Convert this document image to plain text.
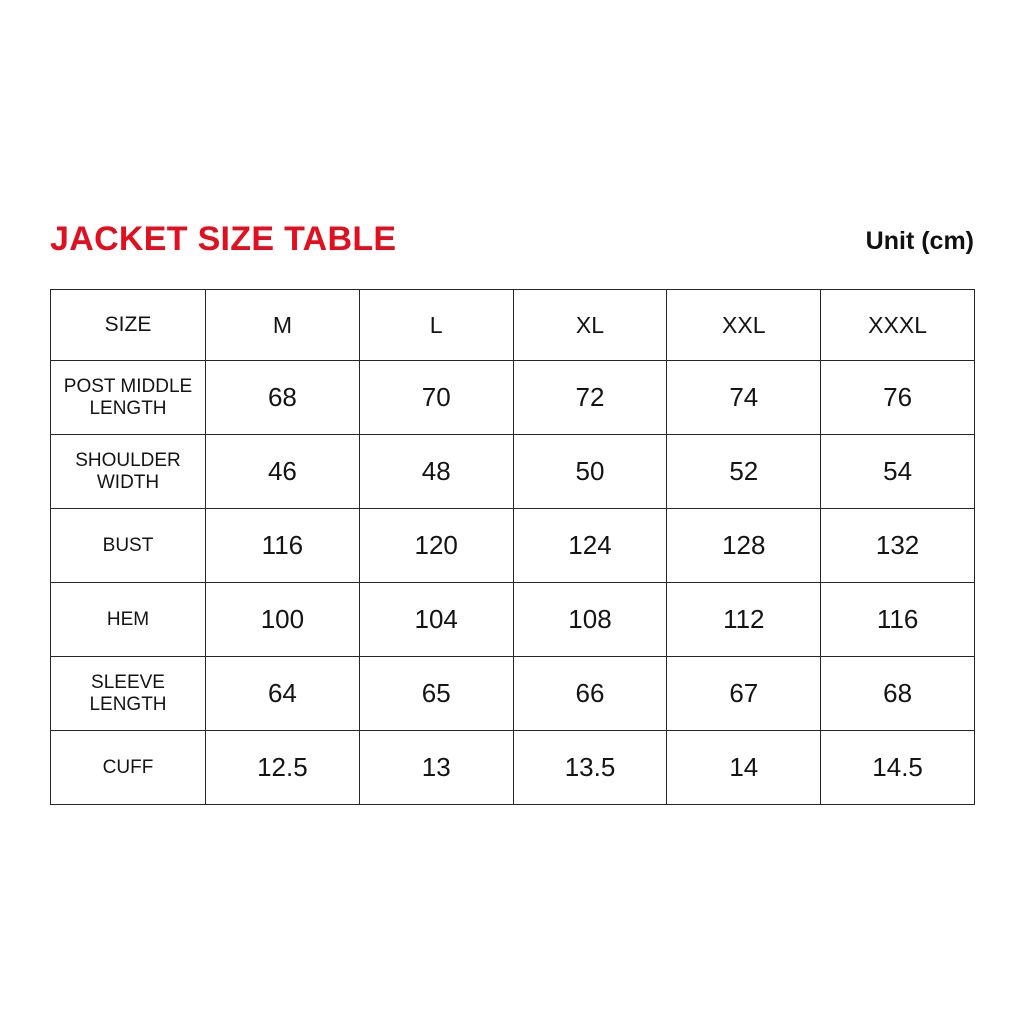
JACKET SIZE TABLE	Unit (cm)
SIZE	M	L	XL	XXL	XXXL
POST MIDDLE
LENGTH	68	70	72	74	76
SHOULDER
WIDTH	46	48	50	52	54
BUST	116	120	124	128	132
HEM	100	104	108	112	116
SLEEVE
LENGTH	64	65	66	67	68
CUFF	12.5	13	13.5	14	14.5
